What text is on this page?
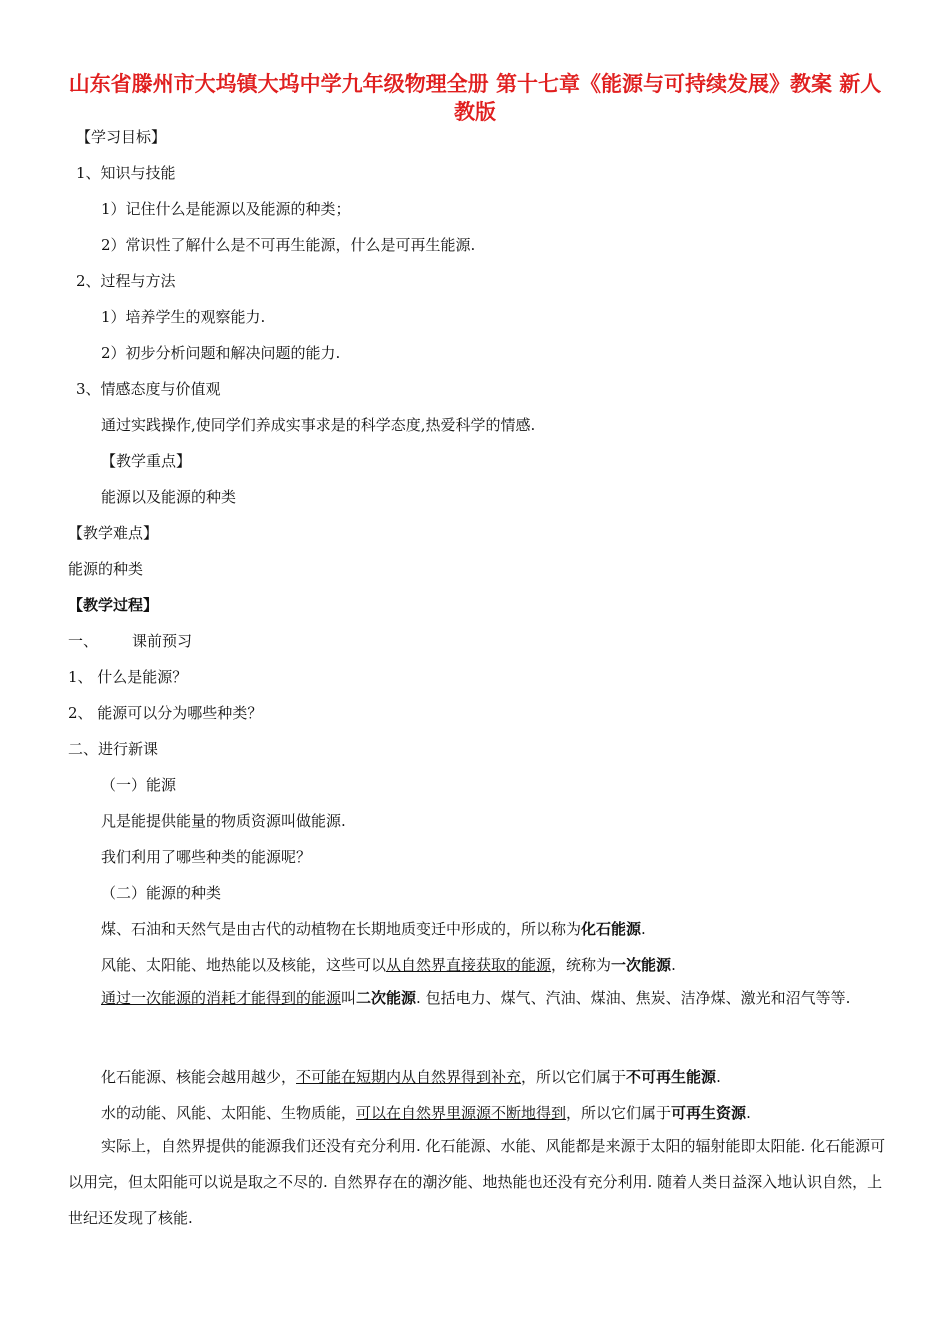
山东省滕州市大坞镇大坞中学九年级物理全册 第十七章《能源与可持续发展》教案 新人教版
【学习目标】
1、知识与技能
1）记住什么是能源以及能源的种类；
2）常识性了解什么是不可再生能源，什么是可再生能源.
2、过程与方法
1）培养学生的观察能力.
2）初步分析问题和解决问题的能力.
3、情感态度与价值观
通过实践操作,使同学们养成实事求是的科学态度,热爱科学的情感.
【教学重点】
能源以及能源的种类
【教学难点】
能源的种类
【教学过程】
一、 课前预习
1、 什么是能源？
2、 能源可以分为哪些种类？
二、进行新课
（一）能源
凡是能提供能量的物质资源叫做能源.
我们利用了哪些种类的能源呢？
（二）能源的种类
煤、石油和天然气是由古代的动植物在长期地质变迁中形成的，所以称为化石能源.
风能、太阳能、地热能以及核能，这些可以从自然界直接获取的能源，统称为一次能源.
通过一次能源的消耗才能得到的能源叫二次能源. 包括电力、煤气、汽油、煤油、焦炭、洁净煤、激光和沼气等等.
化石能源、核能会越用越少，不可能在短期内从自然界得到补充，所以它们属于不可再生能源.
水的动能、风能、太阳能、生物质能，可以在自然界里源源不断地得到，所以它们属于可再生资源.
实际上，自然界提供的能源我们还没有充分利用. 化石能源、水能、风能都是来源于太阳的辐射能即太阳能. 化石能源可以用完，但太阳能可以说是取之不尽的. 自然界存在的潮汐能、地热能也还没有充分利用. 随着人类日益深入地认识自然，上世纪还发现了核能.
